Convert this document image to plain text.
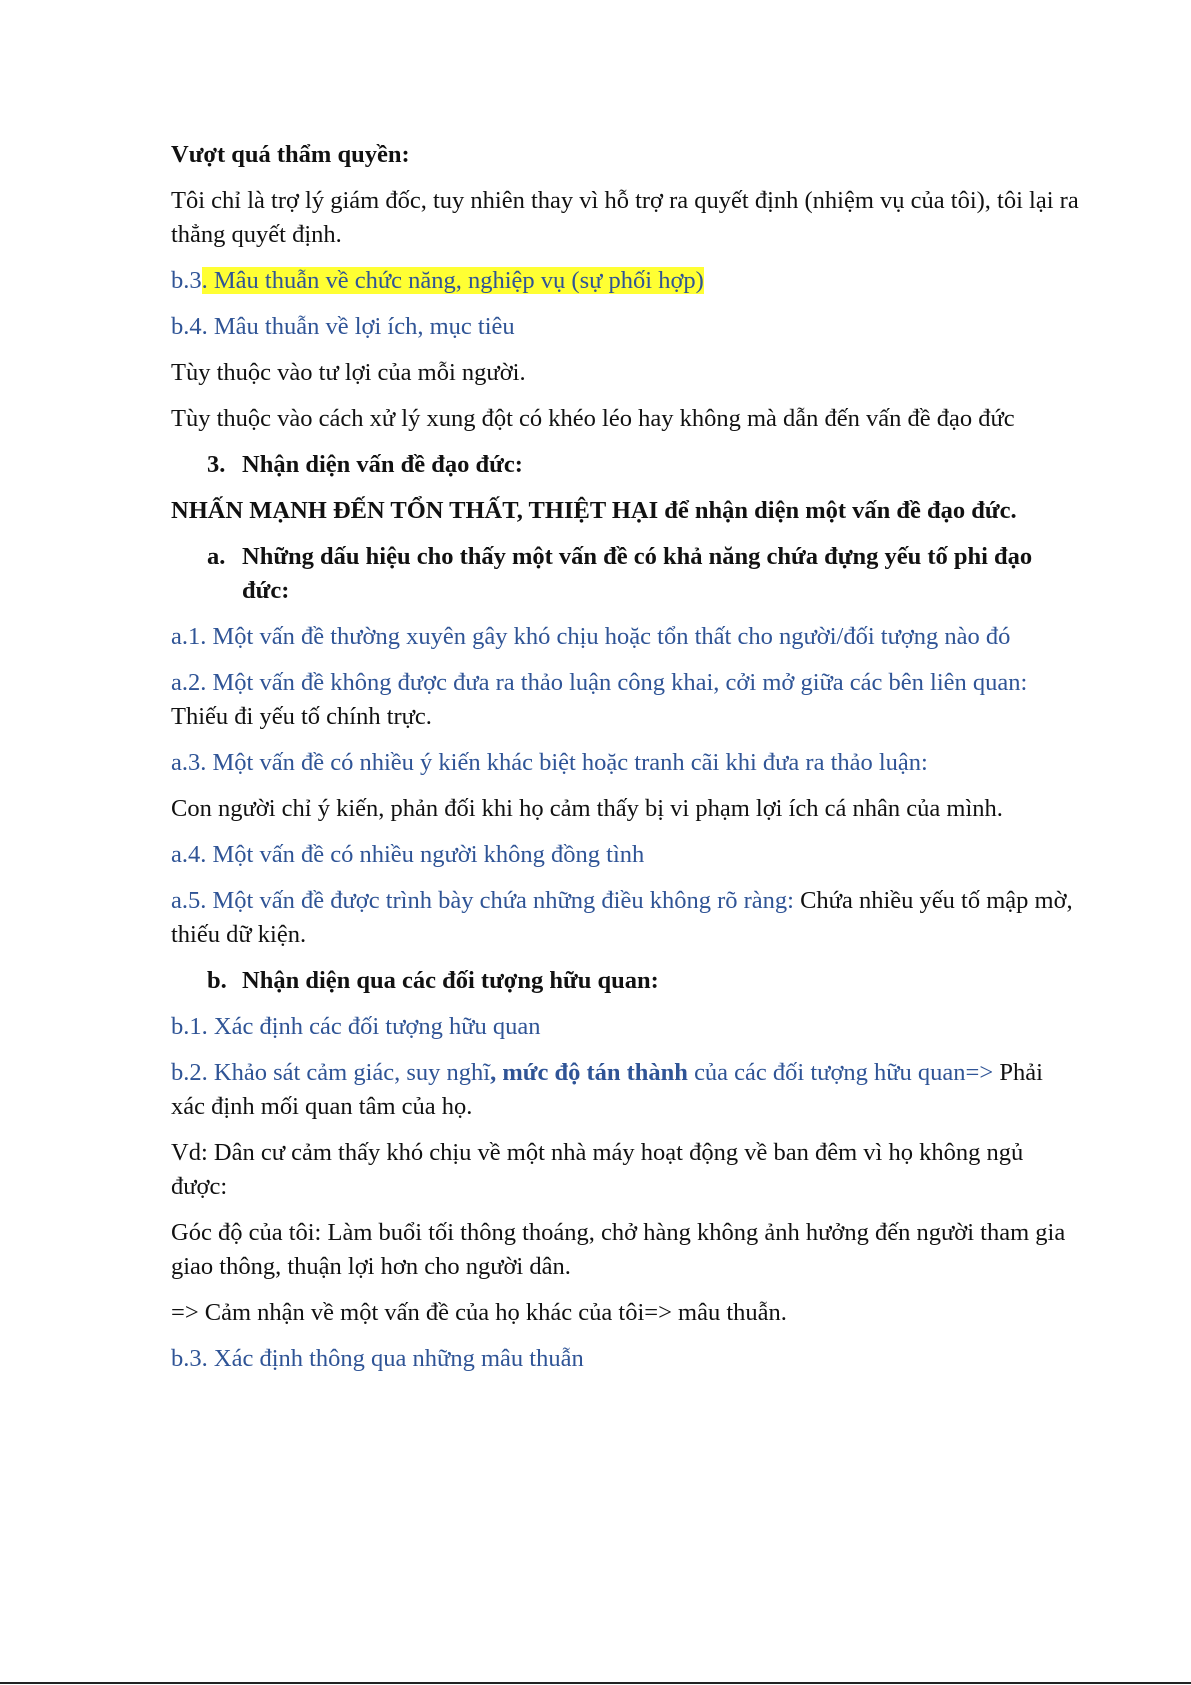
Vượt quá thẩm quyền:

Tôi chỉ là trợ lý giám đốc, tuy nhiên thay vì hỗ trợ ra quyết định (nhiệm vụ của tôi), tôi lại ra thẳng quyết định.

b.3. Mâu thuẫn về chức năng, nghiệp vụ (sự phối hợp)

b.4. Mâu thuẫn về lợi ích, mục tiêu

Tùy thuộc vào tư lợi của mỗi người.

Tùy thuộc vào cách xử lý xung đột có khéo léo hay không mà dẫn đến vấn đề đạo đức

3. Nhận diện vấn đề đạo đức:

NHẤN MẠNH ĐẾN TỔN THẤT, THIỆT HẠI để nhận diện một vấn đề đạo đức.

a. Những dấu hiệu cho thấy một vấn đề có khả năng chứa đựng yếu tố phi đạo đức:

a.1. Một vấn đề thường xuyên gây khó chịu hoặc tổn thất cho người/đối tượng nào đó

a.2. Một vấn đề không được đưa ra thảo luận công khai, cởi mở giữa các bên liên quan: Thiếu đi yếu tố chính trực.

a.3. Một vấn đề có nhiều ý kiến khác biệt hoặc tranh cãi khi đưa ra thảo luận:

Con người chỉ ý kiến, phản đối khi họ cảm thấy bị vi phạm lợi ích cá nhân của mình.

a.4. Một vấn đề có nhiều người không đồng tình

a.5. Một vấn đề được trình bày chứa những điều không rõ ràng: Chứa nhiều yếu tố mập mờ, thiếu dữ kiện.

b. Nhận diện qua các đối tượng hữu quan:

b.1. Xác định các đối tượng hữu quan

b.2. Khảo sát cảm giác, suy nghĩ, mức độ tán thành của các đối tượng hữu quan=> Phải xác định mối quan tâm của họ.

Vd: Dân cư cảm thấy khó chịu về một nhà máy hoạt động về ban đêm vì họ không ngủ được:

Góc độ của tôi: Làm buổi tối thông thoáng, chở hàng không ảnh hưởng đến người tham gia giao thông, thuận lợi hơn cho người dân.

=> Cảm nhận về một vấn đề của họ khác của tôi=> mâu thuẫn.

b.3. Xác định thông qua những mâu thuẫn
